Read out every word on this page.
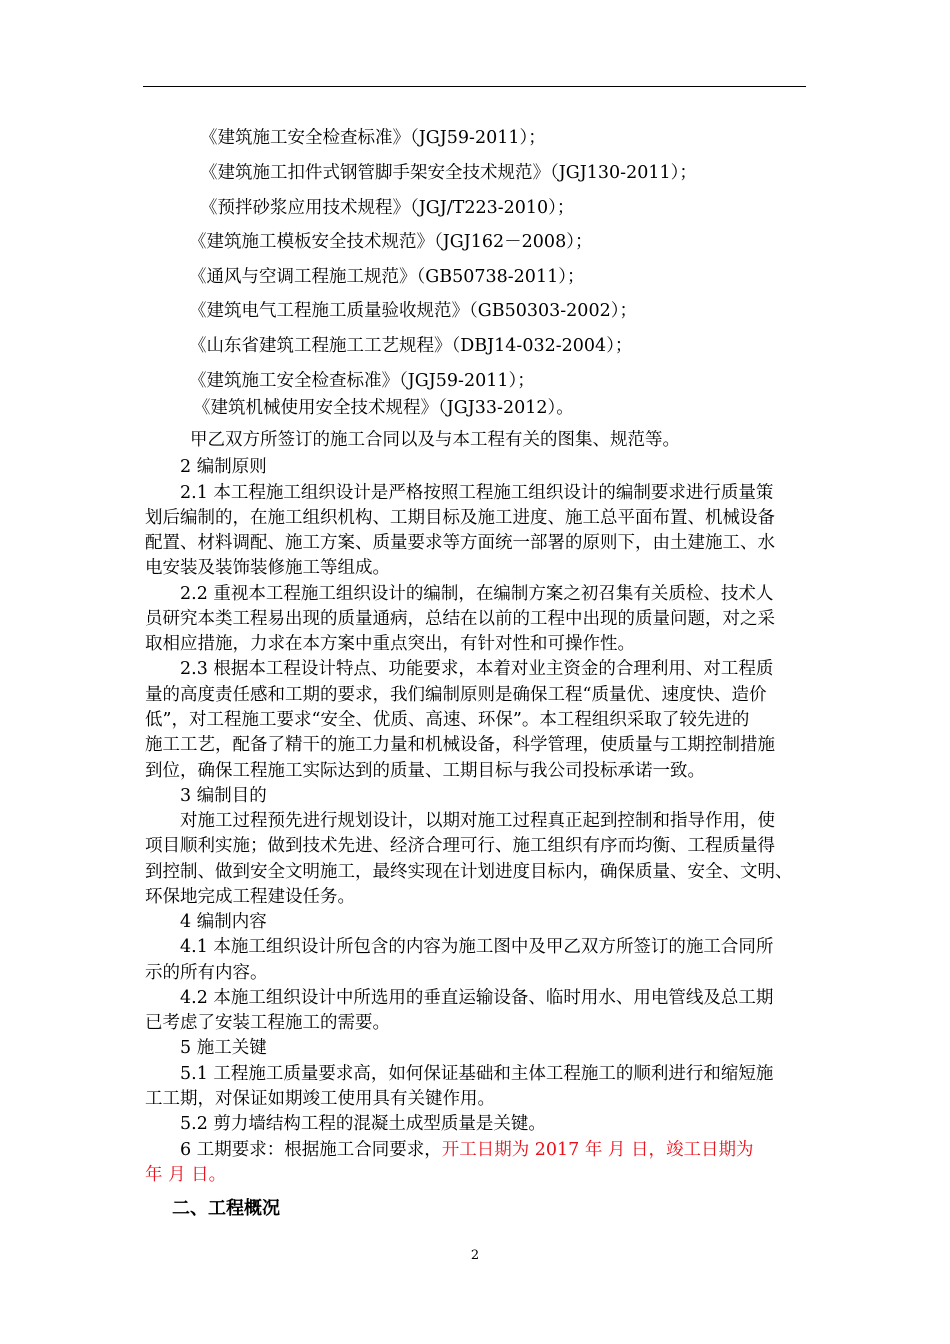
《建筑施工安全检查标准》（JGJ59-2011）；
《建筑施工扣件式钢管脚手架安全技术规范》（JGJ130-2011）；
《预拌砂浆应用技术规程》（JGJ/T223-2010）；
《建筑施工模板安全技术规范》（JGJ162－2008）；
《通风与空调工程施工规范》（GB50738-2011）；
《建筑电气工程施工质量验收规范》（GB50303-2002）；
《山东省建筑工程施工工艺规程》（DBJ14-032-2004）；
《建筑施工安全检查标准》（JGJ59-2011）；
《建筑机械使用安全技术规程》（JGJ33-2012）。
甲乙双方所签订的施工合同以及与本工程有关的图集、规范等。
2 编制原则
2.1 本工程施工组织设计是严格按照工程施工组织设计的编制要求进行质量策
划后编制的，在施工组织机构、工期目标及施工进度、施工总平面布置、机械设备
配置、材料调配、施工方案、质量要求等方面统一部署的原则下，由土建施工、水
电安装及装饰装修施工等组成。
2.2 重视本工程施工组织设计的编制，在编制方案之初召集有关质检、技术人
员研究本类工程易出现的质量通病，总结在以前的工程中出现的质量问题，对之采
取相应措施，力求在本方案中重点突出，有针对性和可操作性。
2.3 根据本工程设计特点、功能要求，本着对业主资金的合理利用、对工程质
量的高度责任感和工期的要求，我们编制原则是确保工程“质量优、速度快、造价
低”，对工程施工要求“安全、优质、高速、环保”。本工程组织采取了较先进的
施工工艺，配备了精干的施工力量和机械设备，科学管理，使质量与工期控制措施
到位，确保工程施工实际达到的质量、工期目标与我公司投标承诺一致。
3 编制目的
对施工过程预先进行规划设计，以期对施工过程真正起到控制和指导作用，使
项目顺利实施；做到技术先进、经济合理可行、施工组织有序而均衡、工程质量得
到控制、做到安全文明施工，最终实现在计划进度目标内，确保质量、安全、文明、
环保地完成工程建设任务。
4 编制内容
4.1 本施工组织设计所包含的内容为施工图中及甲乙双方所签订的施工合同所
示的所有内容。
4.2 本施工组织设计中所选用的垂直运输设备、临时用水、用电管线及总工期
已考虑了安装工程施工的需要。
5 施工关键
5.1 工程施工质量要求高，如何保证基础和主体工程施工的顺利进行和缩短施
工工期，对保证如期竣工使用具有关键作用。
5.2 剪力墙结构工程的混凝土成型质量是关键。
6 工期要求：根据施工合同要求，开工日期为 2017 年 月 日，竣工日期为
年 月 日。
二、工程概况
2
